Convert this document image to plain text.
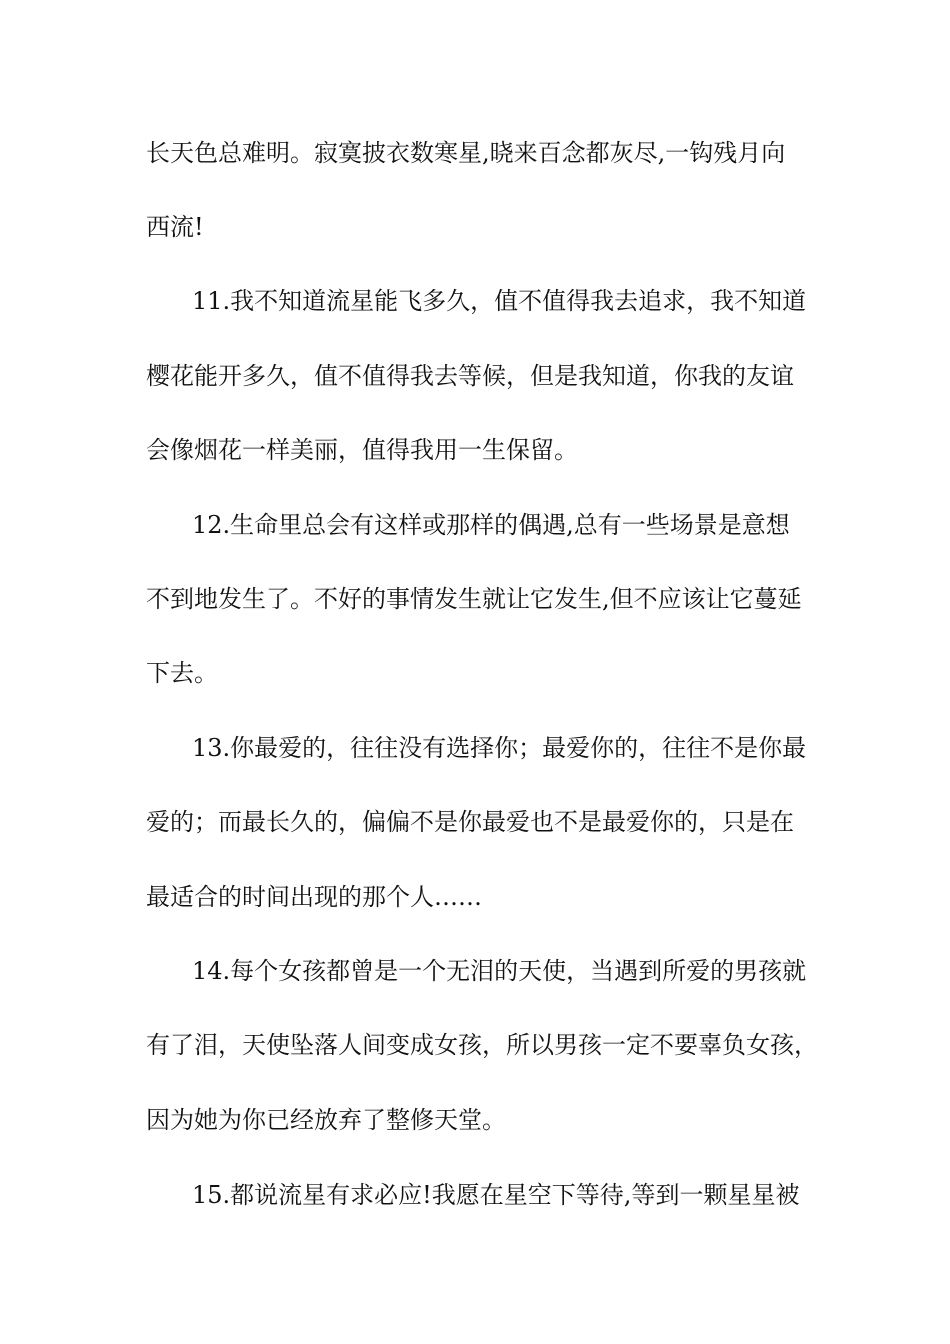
长天色总难明。寂寞披衣数寒星,晓来百念都灰尽,一钩残月向

西流!

11.我不知道流星能飞多久，值不值得我去追求，我不知道

樱花能开多久，值不值得我去等候，但是我知道，你我的友谊

会像烟花一样美丽，值得我用一生保留。

12.生命里总会有这样或那样的偶遇,总有一些场景是意想

不到地发生了。不好的事情发生就让它发生,但不应该让它蔓延

下去。

13.你最爱的，往往没有选择你；最爱你的，往往不是你最

爱的；而最长久的，偏偏不是你最爱也不是最爱你的，只是在

最适合的时间出现的那个人……

14.每个女孩都曾是一个无泪的天使，当遇到所爱的男孩就

有了泪，天使坠落人间变成女孩，所以男孩一定不要辜负女孩，

因为她为你已经放弃了整修天堂。

15.都说流星有求必应!我愿在星空下等待,等到一颗星星被
